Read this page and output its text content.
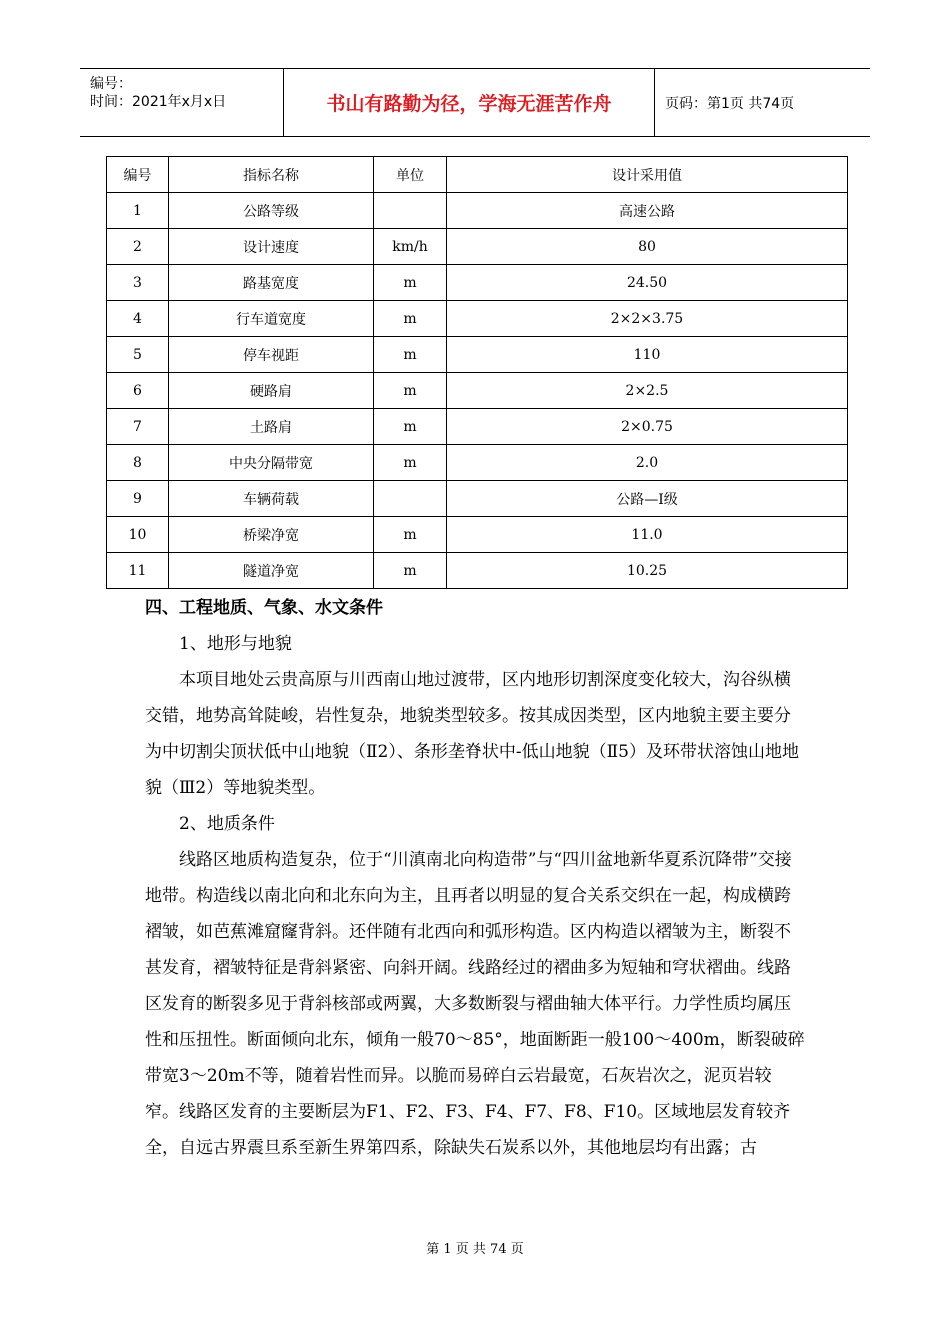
编号：
时间：2021年x月x日	书山有路勤为径，学海无涯苦作舟	页码：第1页 共74页
编号	指标名称	单位	设计采用值
1	公路等级		高速公路
2	设计速度	km/h	80
3	路基宽度	m	24.50
4	行车道宽度	m	2×2×3.75
5	停车视距	m	110
6	硬路肩	m	2×2.5
7	土路肩	m	2×0.75
8	中央分隔带宽	m	2.0
9	车辆荷载		公路—Ⅰ级
10	桥梁净宽	m	11.0
11	隧道净宽	m	10.25

四、工程地质、气象、水文条件

1、地形与地貌

本项目地处云贵高原与川西南山地过渡带，区内地形切割深度变化较大，沟谷纵横交错，地势高耸陡峻，岩性复杂，地貌类型较多。按其成因类型，区内地貌主要主要分为中切割尖顶状低中山地貌（Ⅱ2）、条形垄脊状中-低山地貌（Ⅱ5）及环带状溶蚀山地地貌（Ⅲ2）等地貌类型。

2、地质条件

线路区地质构造复杂，位于“川滇南北向构造带”与“四川盆地新华夏系沉降带”交接地带。构造线以南北向和北东向为主，且再者以明显的复合关系交织在一起，构成横跨褶皱，如芭蕉滩窟窿背斜。还伴随有北西向和弧形构造。区内构造以褶皱为主，断裂不甚发育，褶皱特征是背斜紧密、向斜开阔。线路经过的褶曲多为短轴和穹状褶曲。线路区发育的断裂多见于背斜核部或两翼，大多数断裂与褶曲轴大体平行。力学性质均属压性和压扭性。断面倾向北东，倾角一般70～85°，地面断距一般100～400m，断裂破碎带宽3～20m不等，随着岩性而异。以脆而易碎白云岩最宽，石灰岩次之，泥页岩较窄。线路区发育的主要断层为F1、F2、F3、F4、F7、F8、F10。区域地层发育较齐全，自远古界震旦系至新生界第四系，除缺失石炭系以外，其他地层均有出露；古

第 1 页 共 74 页
